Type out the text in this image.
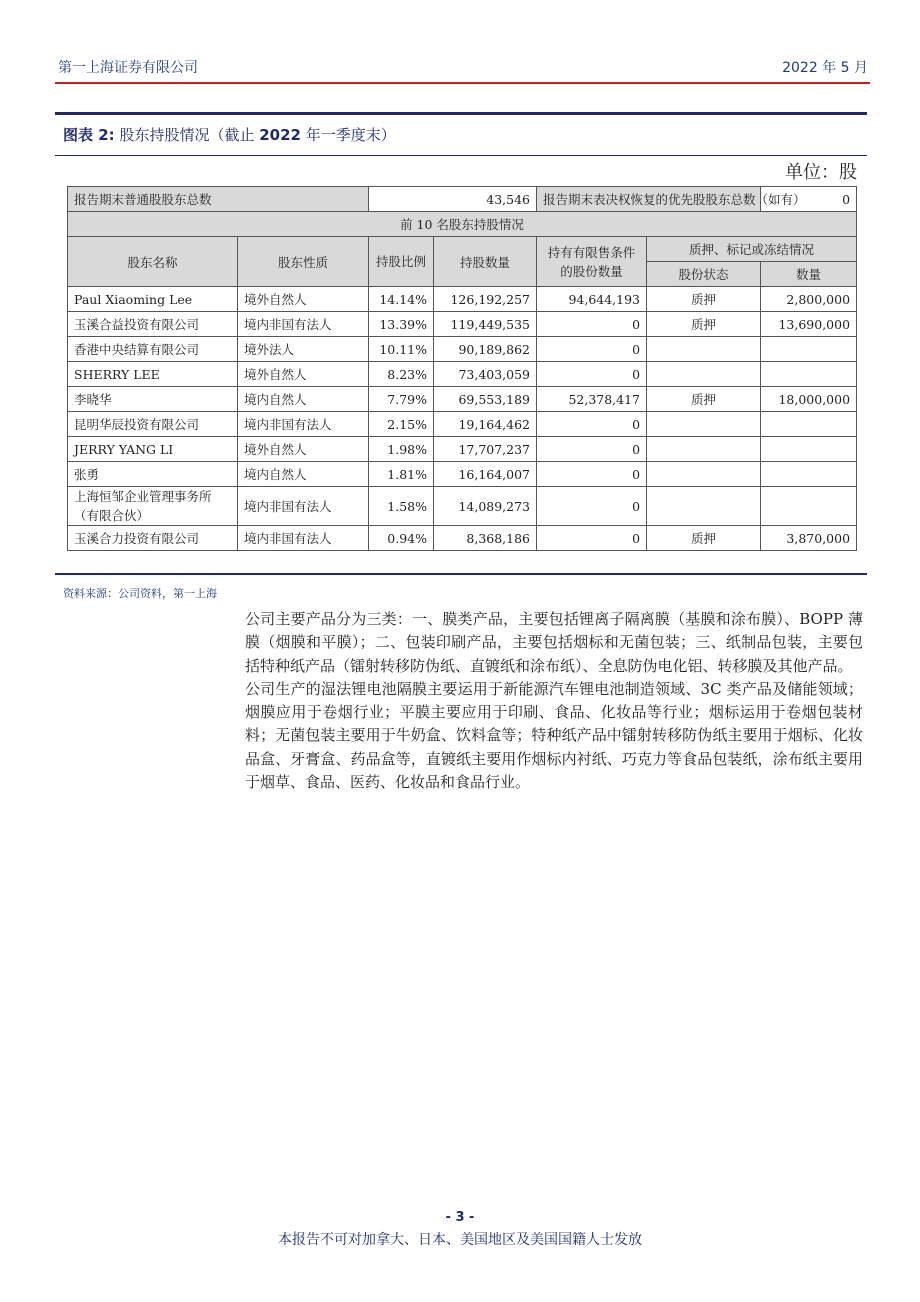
第一上海证券有限公司	2022 年 5 月
图表 2: 股东持股情况（截止 2022 年一季度末）
单位：股
报告期末普通股股东总数		43,546		报告期末表决权恢复的优先股股东总数（如有）		0
前 10 名股东持股情况						
股东名称	股东性质	持股比例	持股数量	持有有限售条件的股份数量	质押、标记或冻结情况	
					股份状态	数量
Paul Xiaoming Lee	境外自然人	14.14%	126,192,257	94,644,193	质押	2,800,000
玉溪合益投资有限公司	境内非国有法人	13.39%	119,449,535	0	质押	13,690,000
香港中央结算有限公司	境外法人	10.11%	90,189,862	0		
SHERRY LEE	境外自然人	8.23%	73,403,059	0		
李晓华	境内自然人	7.79%	69,553,189	52,378,417	质押	18,000,000
昆明华辰投资有限公司	境内非国有法人	2.15%	19,164,462	0		
JERRY YANG LI	境外自然人	1.98%	17,707,237	0		
张勇	境内自然人	1.81%	16,164,007	0		
上海恒邹企业管理事务所（有限合伙）	境内非国有法人	1.58%	14,089,273	0		
玉溪合力投资有限公司	境内非国有法人	0.94%	8,368,186	0	质押	3,870,000
资料来源：公司资料，第一上海

公司主要产品分为三类：一、膜类产品，主要包括锂离子隔离膜（基膜和涂布膜）、BOPP 薄膜（烟膜和平膜）；二、包装印刷产品，主要包括烟标和无菌包装；三、纸制品包装，主要包括特种纸产品（镭射转移防伪纸、直镀纸和涂布纸）、全息防伪电化铝、转移膜及其他产品。

公司生产的湿法锂电池隔膜主要运用于新能源汽车锂电池制造领域、3C 类产品及储能领域；烟膜应用于卷烟行业；平膜主要应用于印刷、食品、化妆品等行业；烟标运用于卷烟包装材料；无菌包装主要用于牛奶盒、饮料盒等；特种纸产品中镭射转移防伪纸主要用于烟标、化妆品盒、牙膏盒、药品盒等，直镀纸主要用作烟标内衬纸、巧克力等食品包装纸，涂布纸主要用于烟草、食品、医药、化妆品和食品行业。

- 3 -
本报告不可对加拿大、日本、美国地区及美国国籍人士发放
